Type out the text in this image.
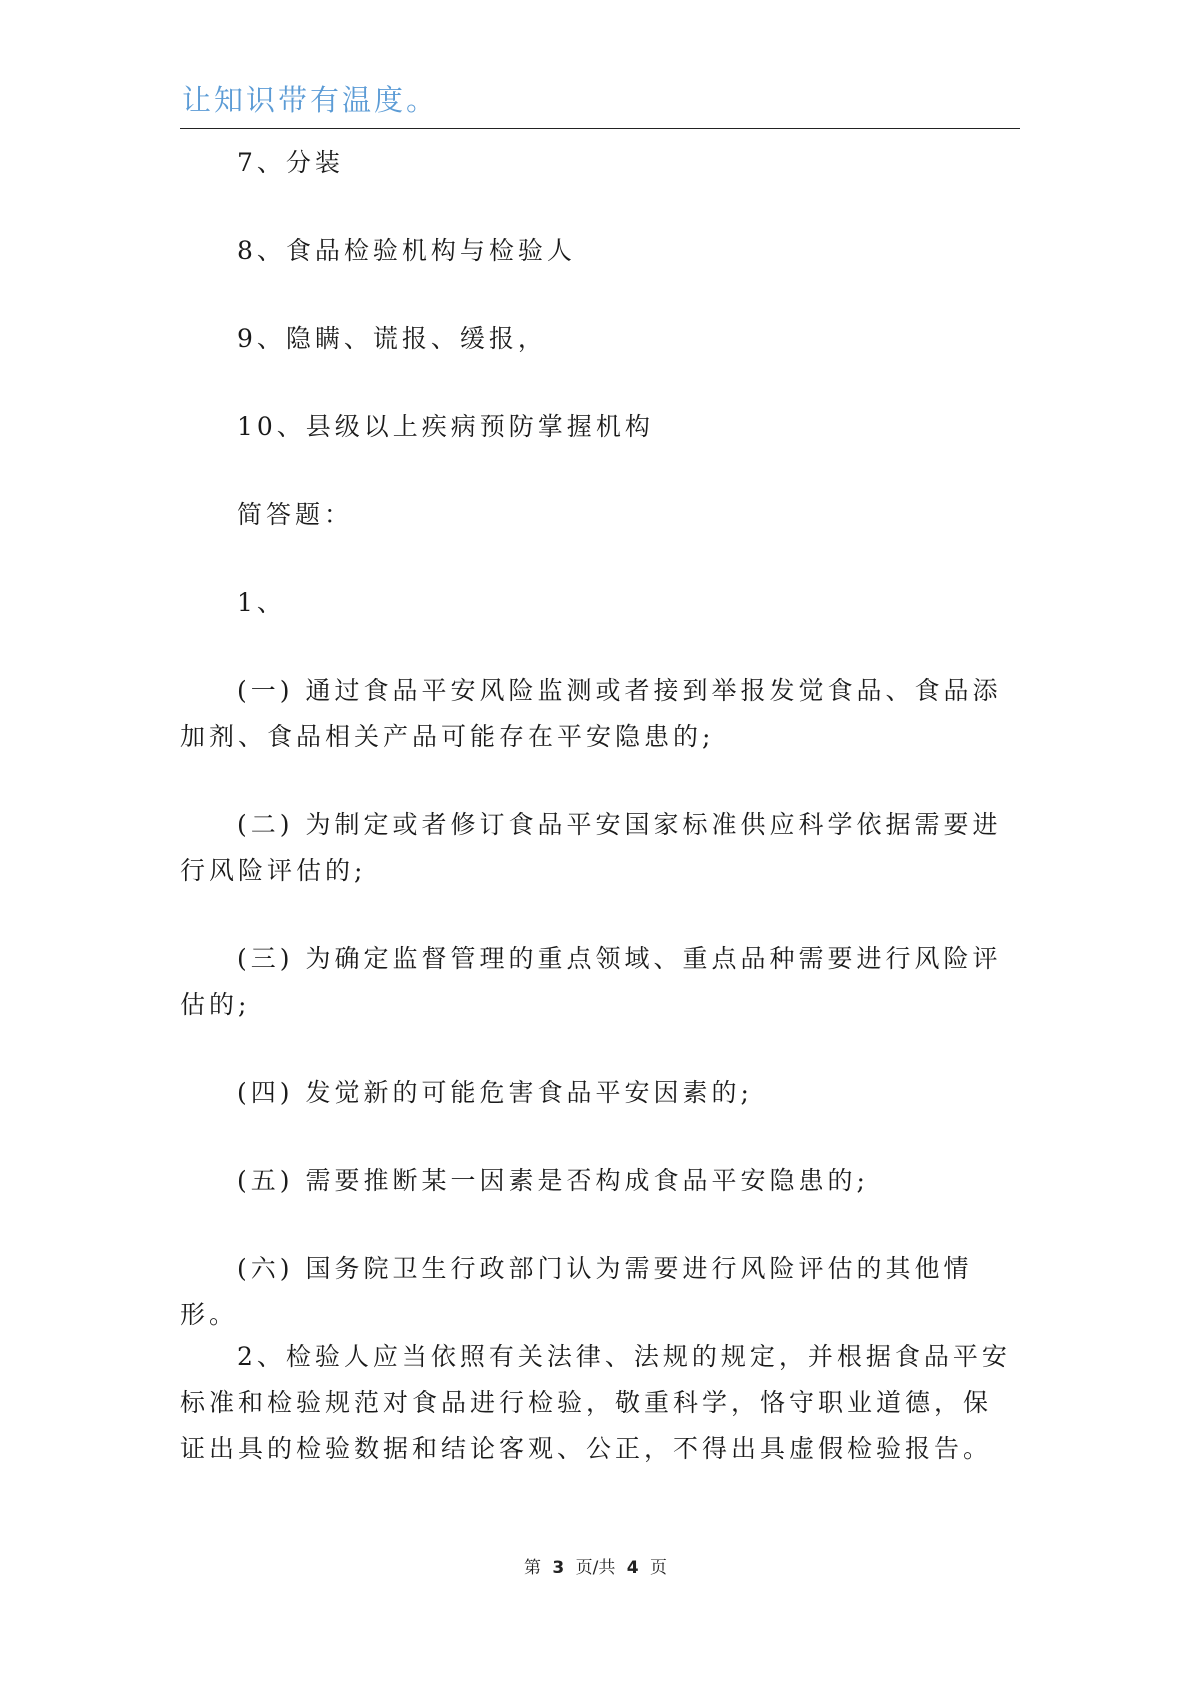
让知识带有温度。

7、分装

8、食品检验机构与检验人

9、隐瞒、谎报、缓报，

10、县级以上疾病预防掌握机构

简答题：

1、

(一) 通过食品平安风险监测或者接到举报发觉食品、食品添加剂、食品相关产品可能存在平安隐患的;

(二) 为制定或者修订食品平安国家标准供应科学依据需要进行风险评估的;

(三) 为确定监督管理的重点领域、重点品种需要进行风险评估的;

(四) 发觉新的可能危害食品平安因素的;

(五) 需要推断某一因素是否构成食品平安隐患的;

(六) 国务院卫生行政部门认为需要进行风险评估的其他情形。

2、检验人应当依照有关法律、法规的规定，并根据食品平安标准和检验规范对食品进行检验，敬重科学，恪守职业道德，保证出具的检验数据和结论客观、公正，不得出具虚假检验报告。

第 3 页/共 4 页
